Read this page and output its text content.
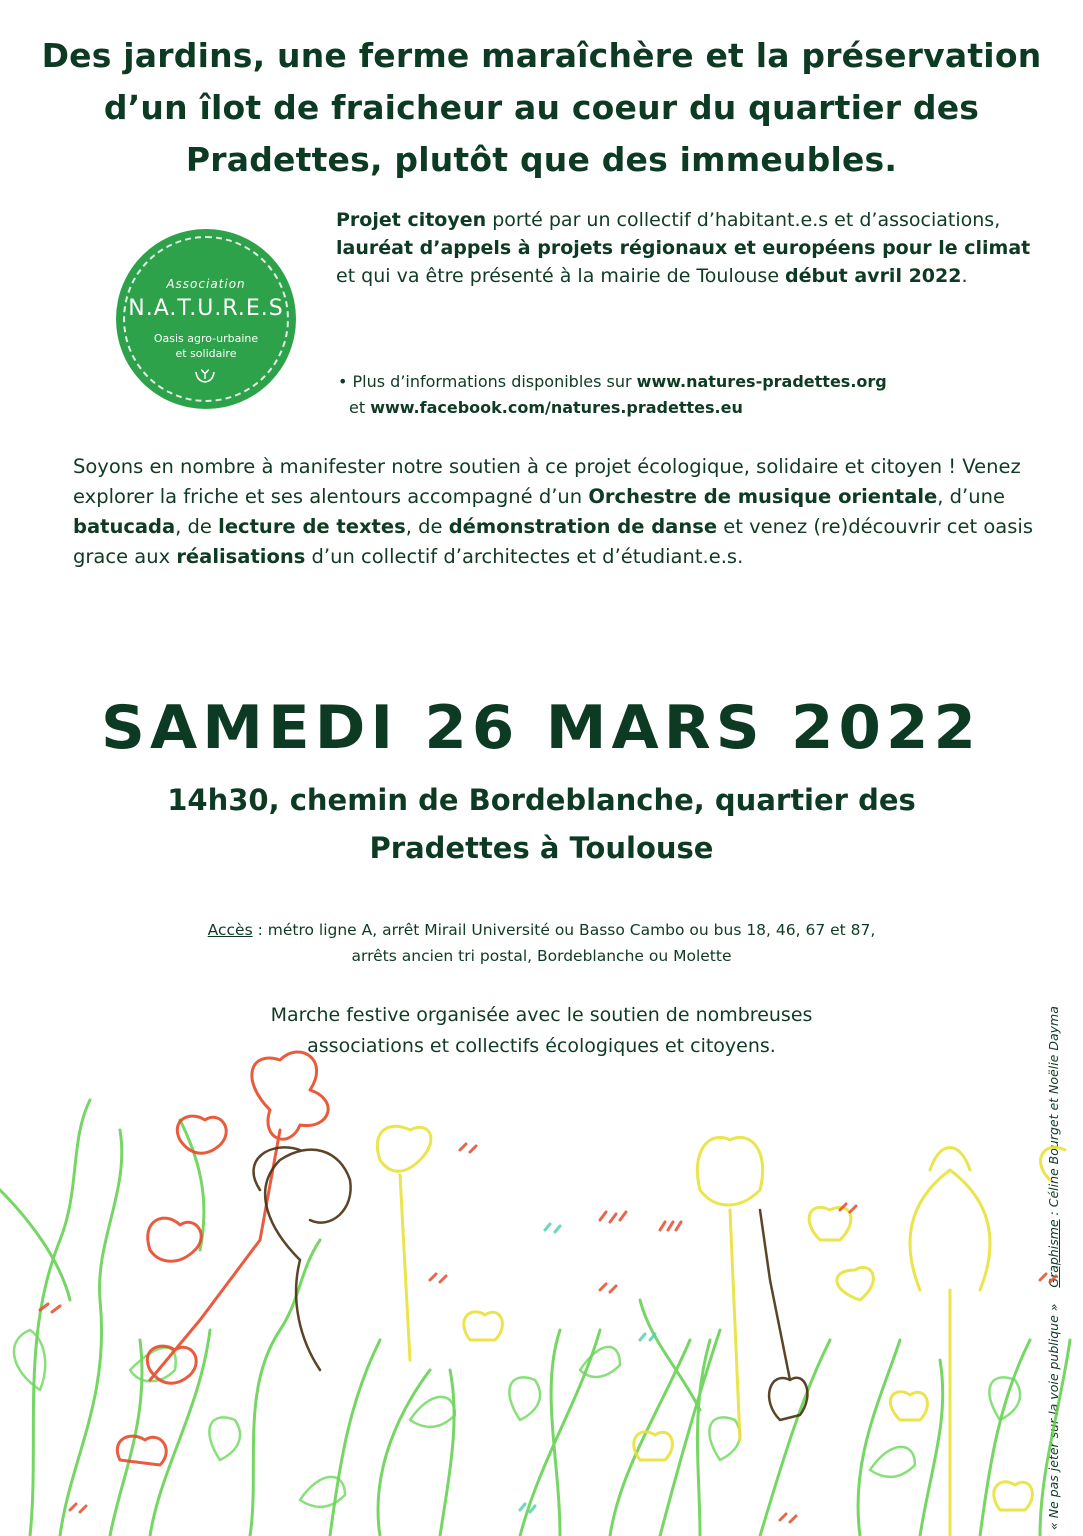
Des jardins, une ferme maraîchère et la préservation
d’un îlot de fraicheur au coeur du quartier des
Pradettes, plutôt que des immeubles.
Association
N.A.T.U.R.E.S
Oasis agro-urbaine
et solidaire
Projet citoyen porté par un collectif d’habitant.e.s et d’associations, lauréat d’appels à projets régionaux et européens pour le climat et qui va être présenté à la mairie de Toulouse début avril 2022.
• Plus d’informations disponibles sur www.natures-pradettes.org
et www.facebook.com/natures.pradettes.eu
Soyons en nombre à manifester notre soutien à ce projet écologique, solidaire et citoyen ! Venez explorer la friche et ses alentours accompagné d’un Orchestre de musique orientale, d’une batucada, de lecture de textes, de démonstration de danse et venez (re)découvrir cet oasis grace aux réalisations d’un collectif d’architectes et d’étudiant.e.s.
SAMEDI 26 MARS 2022
14h30, chemin de Bordeblanche, quartier des
Pradettes à Toulouse
Accès : métro ligne A, arrêt Mirail Université ou Basso Cambo ou bus 18, 46, 67 et 87,
arrêts ancien tri postal, Bordeblanche ou Molette
Marche festive organisée avec le soutien de nombreuses
associations et collectifs écologiques et citoyens.
« Ne pas jeter sur la voie publique »    Graphisme : Céline Bourget et Noëlie Dayma
